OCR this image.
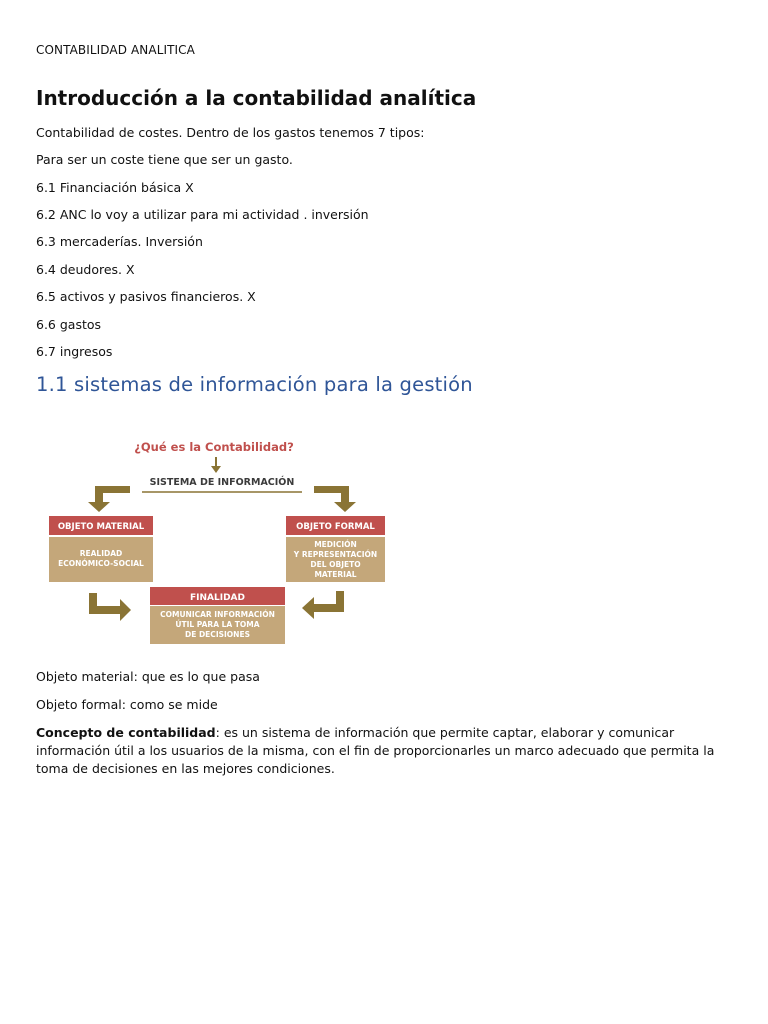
CONTABILIDAD ANALITICA
Introducción a la contabilidad analítica

Contabilidad de costes. Dentro de los gastos tenemos 7 tipos:

Para ser un coste tiene que ser un gasto.

6.1 Financiación básica X

6.2 ANC lo voy a utilizar para mi actividad . inversión

6.3 mercaderías. Inversión

6.4 deudores. X

6.5 activos y pasivos financieros. X

6.6 gastos

6.7 ingresos

1.1 sistemas de información para la gestión
¿Qué es la Contabilidad?
SISTEMA DE INFORMACIÓN
OBJETO MATERIAL
REALIDAD
ECONÓMICO-SOCIAL
OBJETO FORMAL
MEDICIÓN
Y REPRESENTACIÓN
DEL OBJETO
MATERIAL
FINALIDAD
COMUNICAR INFORMACIÓN
ÚTIL PARA LA TOMA
DE DECISIONES

Objeto material: que es lo que pasa

Objeto formal: como se mide

Concepto de contabilidad: es un sistema de información que permite captar, elaborar y comunicar información útil a los usuarios de la misma, con el fin de proporcionarles un marco adecuado que permita la toma de decisiones en las mejores condiciones.
